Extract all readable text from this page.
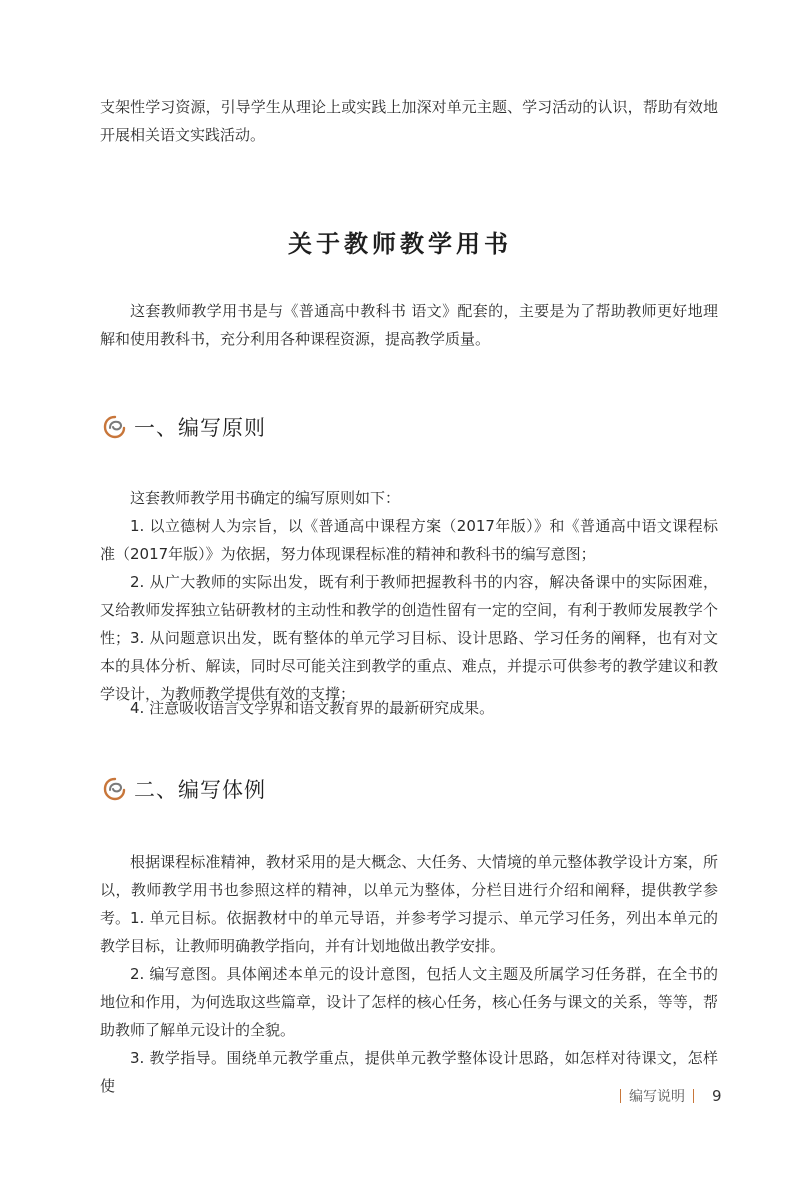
支架性学习资源，引导学生从理论上或实践上加深对单元主题、学习活动的认识，帮助有效地开展相关语文实践活动。

关于教师教学用书

这套教师教学用书是与《普通高中教科书 语文》配套的，主要是为了帮助教师更好地理解和使用教科书，充分利用各种课程资源，提高教学质量。

一、编写原则

这套教师教学用书确定的编写原则如下：

1. 以立德树人为宗旨，以《普通高中课程方案（2017年版）》和《普通高中语文课程标准（2017年版）》为依据，努力体现课程标准的精神和教科书的编写意图；

2. 从广大教师的实际出发，既有利于教师把握教科书的内容，解决备课中的实际困难，又给教师发挥独立钻研教材的主动性和教学的创造性留有一定的空间，有利于教师发展教学个性； 3. 从问题意识出发，既有整体的单元学习目标、设计思路、学习任务的阐释，也有对文本的具体分析、解读，同时尽可能关注到教学的重点、难点，并提示可供参考的教学建议和教学设计，为教师教学提供有效的支撑；

4. 注意吸收语言文学界和语文教育界的最新研究成果。

二、编写体例

根据课程标准精神，教材采用的是大概念、大任务、大情境的单元整体教学设计方案，所以，教师教学用书也参照这样的精神，以单元为整体，分栏目进行介绍和阐释，提供教学参考。 1. 单元目标。依据教材中的单元导语，并参考学习提示、单元学习任务，列出本单元的教学目标，让教师明确教学指向，并有计划地做出教学安排。

2. 编写意图。具体阐述本单元的设计意图，包括人文主题及所属学习任务群，在全书的地位和作用，为何选取这些篇章，设计了怎样的核心任务，核心任务与课文的关系，等等，帮助教师了解单元设计的全貌。

3. 教学指导。围绕单元教学重点，提供单元教学整体设计思路，如怎样对待课文，怎样使

编写说明 9
